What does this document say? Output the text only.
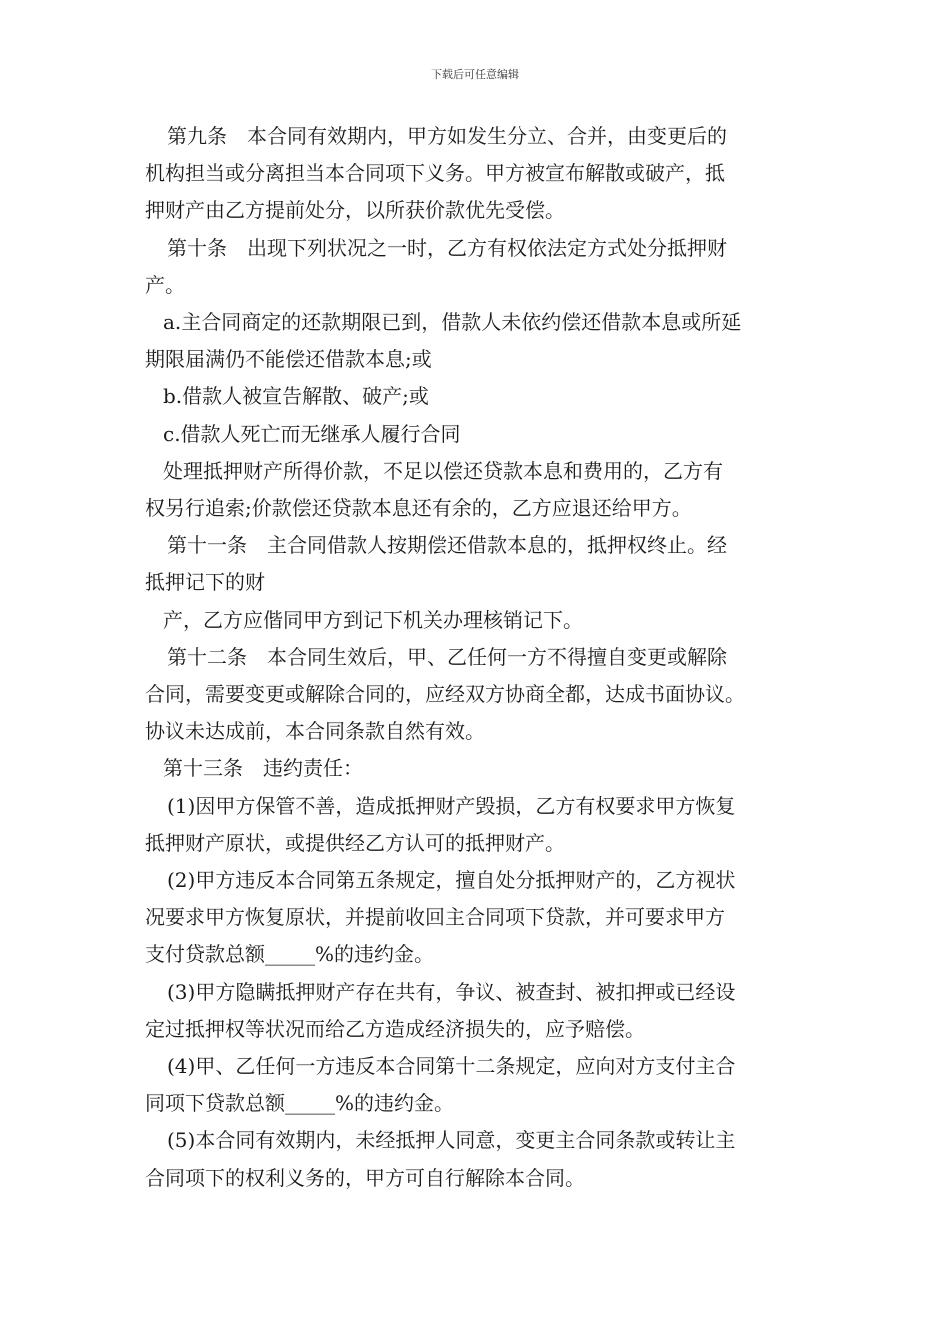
下载后可任意编辑

第九条　本合同有效期内，甲方如发生分立、合并，由变更后的

机构担当或分离担当本合同项下义务。甲方被宣布解散或破产，抵

押财产由乙方提前处分，以所获价款优先受偿。

第十条　出现下列状况之一时，乙方有权依法定方式处分抵押财

产。

a.主合同商定的还款期限已到，借款人未依约偿还借款本息或所延

期限届满仍不能偿还借款本息;或

b.借款人被宣告解散、破产;或

c.借款人死亡而无继承人履行合同

处理抵押财产所得价款，不足以偿还贷款本息和费用的，乙方有

权另行追索;价款偿还贷款本息还有余的，乙方应退还给甲方。

第十一条　主合同借款人按期偿还借款本息的，抵押权终止。经

抵押记下的财

产，乙方应偕同甲方到记下机关办理核销记下。

第十二条　本合同生效后，甲、乙任何一方不得擅自变更或解除

合同，需要变更或解除合同的，应经双方协商全都，达成书面协议。

协议未达成前，本合同条款自然有效。

第十三条　违约责任：

(1)因甲方保管不善，造成抵押财产毁损，乙方有权要求甲方恢复

抵押财产原状，或提供经乙方认可的抵押财产。

(2)甲方违反本合同第五条规定，擅自处分抵押财产的，乙方视状

况要求甲方恢复原状，并提前收回主合同项下贷款，并可要求甲方

支付贷款总额_____%的违约金。

(3)甲方隐瞒抵押财产存在共有，争议、被查封、被扣押或已经设

定过抵押权等状况而给乙方造成经济损失的，应予赔偿。

(4)甲、乙任何一方违反本合同第十二条规定，应向对方支付主合

同项下贷款总额_____%的违约金。

(5)本合同有效期内，未经抵押人同意，变更主合同条款或转让主

合同项下的权利义务的，甲方可自行解除本合同。
